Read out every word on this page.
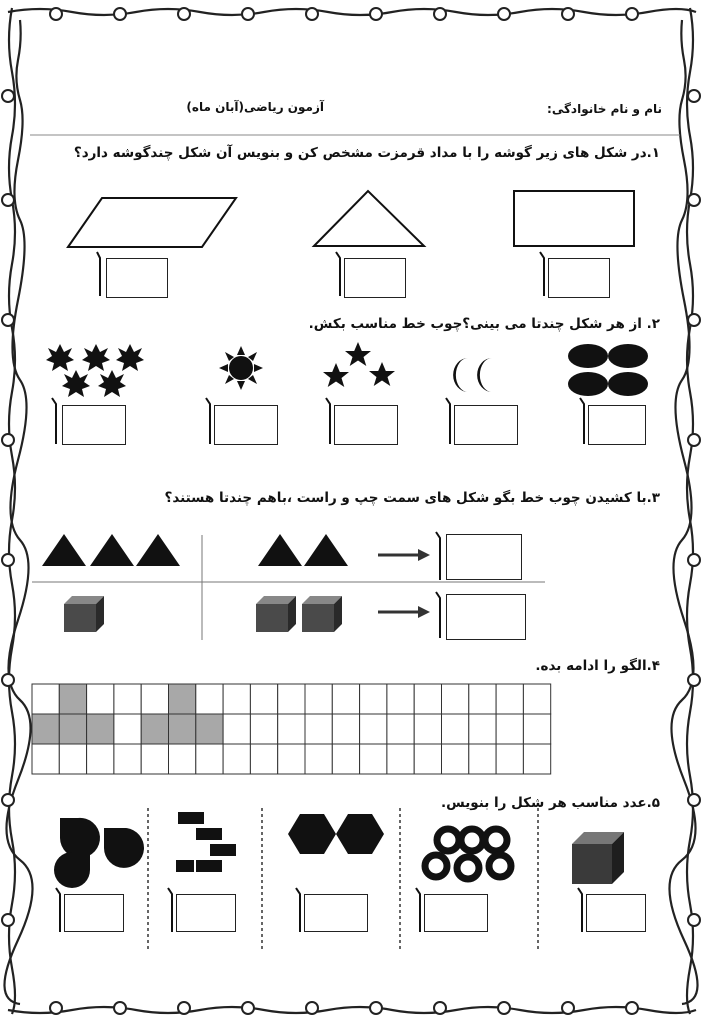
نام و نام خانوادگی:
آزمون ریاضی(آبان ماه)
۱.در شکل های زیر گوشه را با مداد قرمزت مشخص کن و بنویس آن شکل چندگوشه دارد؟
۲. از هر شکل چندتا می بینی؟چوب خط مناسب بکش.
۳.با کشیدن چوب خط بگو شکل های سمت چپ و راست ،باهم چندتا هستند؟
۴.الگو را ادامه بده.
۵.عدد مناسب هر شکل را بنویس.
